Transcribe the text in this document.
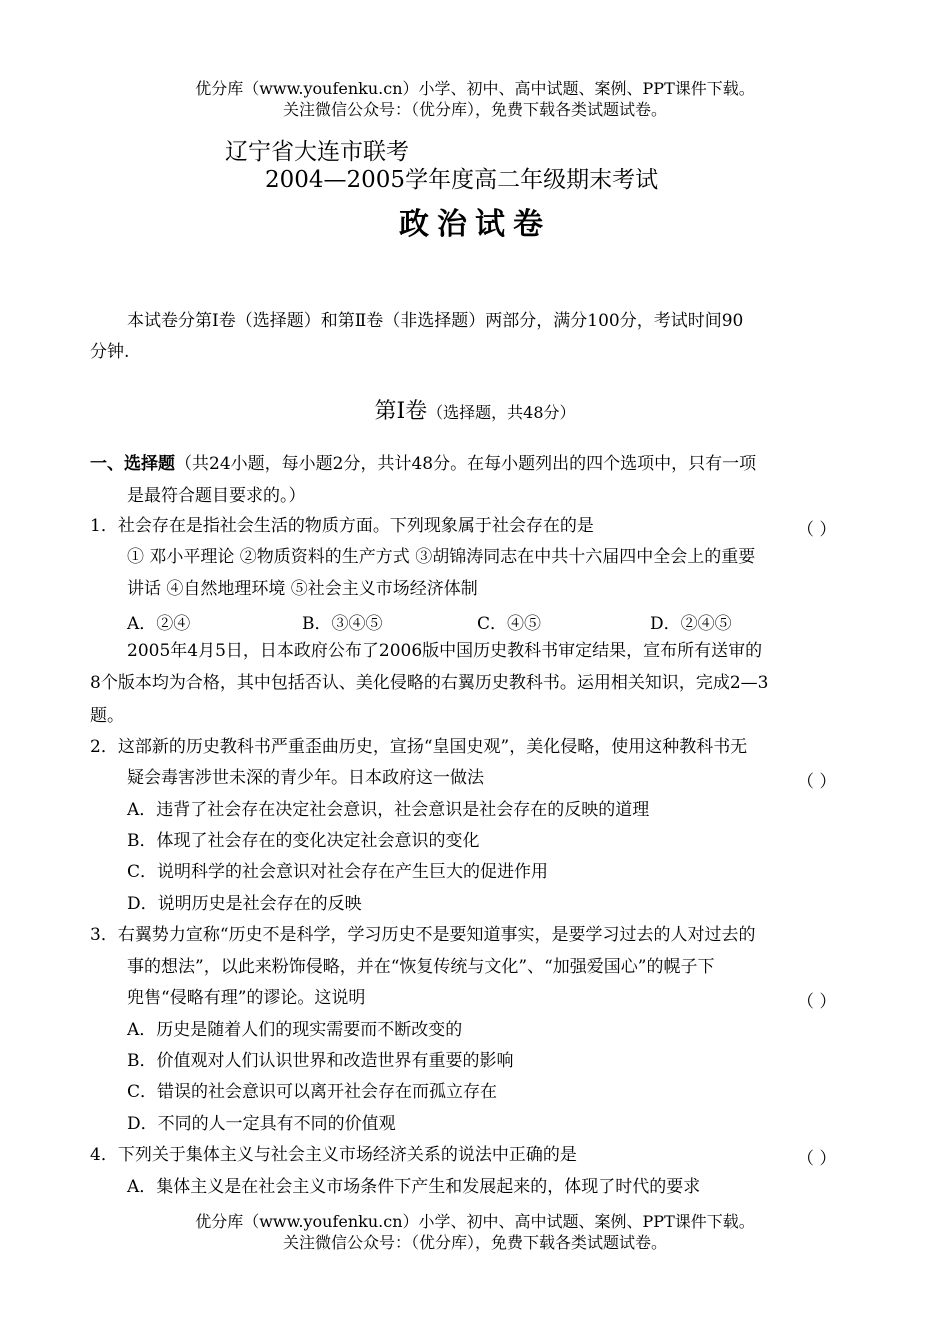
优分库（www.youfenku.cn）小学、初中、高中试题、案例、PPT课件下载。
关注微信公众号：（优分库），免费下载各类试题试卷。
辽宁省大连市联考
2004—2005学年度高二年级期末考试
政治试卷
本试卷分第Ⅰ卷（选择题）和第Ⅱ卷（非选择题）两部分，满分100分，考试时间90
分钟.
第Ⅰ卷（选择题，共48分）
一、选择题（共24小题，每小题2分，共计48分。在每小题列出的四个选项中，只有一项
是最符合题目要求的。）
1．社会存在是指社会生活的物质方面。下列现象属于社会存在的是	（ ）
① 邓小平理论 ②物质资料的生产方式 ③胡锦涛同志在中共十六届四中全会上的重要
讲话 ④自然地理环境 ⑤社会主义市场经济体制
A．②④	B．③④⑤	C．④⑤	D．②④⑤
2005年4月5日，日本政府公布了2006版中国历史教科书审定结果，宣布所有送审的
8个版本均为合格，其中包括否认、美化侵略的右翼历史教科书。运用相关知识，完成2—3
题。
2．这部新的历史教科书严重歪曲历史，宣扬“皇国史观”，美化侵略，使用这种教科书无
疑会毒害涉世未深的青少年。日本政府这一做法	（ ）
A．违背了社会存在决定社会意识，社会意识是社会存在的反映的道理
B．体现了社会存在的变化决定社会意识的变化
C．说明科学的社会意识对社会存在产生巨大的促进作用
D．说明历史是社会存在的反映
3．右翼势力宣称“历史不是科学，学习历史不是要知道事实，是要学习过去的人对过去的
事的想法”，以此来粉饰侵略，并在“恢复传统与文化”、“加强爱国心”的幌子下
兜售“侵略有理”的谬论。这说明	（ ）
A．历史是随着人们的现实需要而不断改变的
B．价值观对人们认识世界和改造世界有重要的影响
C．错误的社会意识可以离开社会存在而孤立存在
D．不同的人一定具有不同的价值观
4．下列关于集体主义与社会主义市场经济关系的说法中正确的是	（ ）
A．集体主义是在社会主义市场条件下产生和发展起来的，体现了时代的要求
优分库（www.youfenku.cn）小学、初中、高中试题、案例、PPT课件下载。
关注微信公众号：（优分库），免费下载各类试题试卷。
